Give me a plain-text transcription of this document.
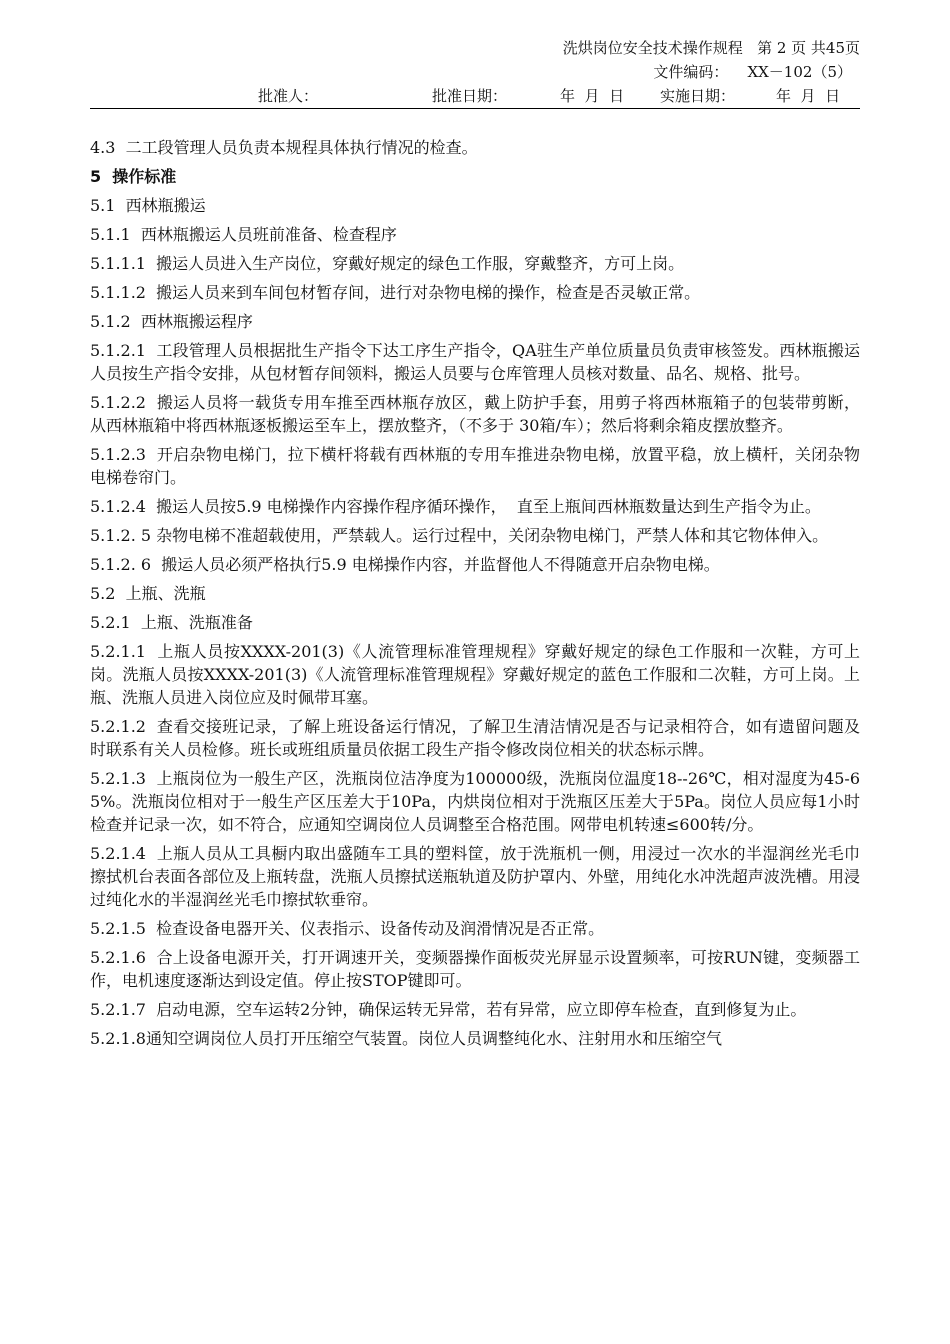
洗烘岗位安全技术操作规程 第 2 页 共45页
文件编码： XX－102（5）
批准人：	批准日期：	年  月  日 实施日期：	年  月  日

4.3  二工段管理人员负责本规程具体执行情况的检查。

5  操作标准

5.1  西林瓶搬运

5.1.1  西林瓶搬运人员班前准备、检查程序

5.1.1.1  搬运人员进入生产岗位，穿戴好规定的绿色工作服，穿戴整齐，方可上岗。

5.1.1.2  搬运人员来到车间包材暂存间，进行对杂物电梯的操作，检查是否灵敏正常。

5.1.2  西林瓶搬运程序

5.1.2.1  工段管理人员根据批生产指令下达工序生产指令，QA驻生产单位质量员负责审核签发。西林瓶搬运人员按生产指令安排，从包材暂存间领料，搬运人员要与仓库管理人员核对数量、品名、规格、批号。

5.1.2.2  搬运人员将一载货专用车推至西林瓶存放区，戴上防护手套，用剪子将西林瓶箱子的包装带剪断，从西林瓶箱中将西林瓶逐板搬运至车上，摆放整齐，（不多于 30箱/车）；然后将剩余箱皮摆放整齐。

5.1.2.3  开启杂物电梯门，拉下横杆将载有西林瓶的专用车推进杂物电梯，放置平稳，放上横杆，关闭杂物电梯卷帘门。

5.1.2.4  搬运人员按5.9 电梯操作内容操作程序循环操作，  直至上瓶间西林瓶数量达到生产指令为止。

5.1.2. 5 杂物电梯不准超载使用，严禁载人。运行过程中，关闭杂物电梯门，严禁人体和其它物体伸入。

5.1.2. 6  搬运人员必须严格执行5.9 电梯操作内容，并监督他人不得随意开启杂物电梯。

5.2  上瓶、洗瓶

5.2.1  上瓶、洗瓶准备

5.2.1.1  上瓶人员按XXXX-201(3)《人流管理标准管理规程》穿戴好规定的绿色工作服和一次鞋，方可上岗。洗瓶人员按XXXX-201(3)《人流管理标准管理规程》穿戴好规定的蓝色工作服和二次鞋，方可上岗。上瓶、洗瓶人员进入岗位应及时佩带耳塞。

5.2.1.2  查看交接班记录，了解上班设备运行情况，了解卫生清洁情况是否与记录相符合，如有遗留问题及时联系有关人员检修。班长或班组质量员依据工段生产指令修改岗位相关的状态标示牌。

5.2.1.3  上瓶岗位为一般生产区，洗瓶岗位洁净度为100000级，洗瓶岗位温度18--26℃，相对湿度为45-65%。洗瓶岗位相对于一般生产区压差大于10Pa，内烘岗位相对于洗瓶区压差大于5Pa。岗位人员应每1小时检查并记录一次，如不符合，应通知空调岗位人员调整至合格范围。网带电机转速≤600转/分。

5.2.1.4  上瓶人员从工具橱内取出盛随车工具的塑料筐，放于洗瓶机一侧，用浸过一次水的半湿润丝光毛巾擦拭机台表面各部位及上瓶转盘，洗瓶人员擦拭送瓶轨道及防护罩内、外壁，用纯化水冲洗超声波洗槽。用浸过纯化水的半湿润丝光毛巾擦拭软垂帘。

5.2.1.5  检查设备电器开关、仪表指示、设备传动及润滑情况是否正常。

5.2.1.6  合上设备电源开关，打开调速开关，变频器操作面板荧光屏显示设置频率，可按RUN键，变频器工作，电机速度逐渐达到设定值。停止按STOP键即可。

5.2.1.7  启动电源，空车运转2分钟，确保运转无异常，若有异常，应立即停车检查，直到修复为止。

5.2.1.8通知空调岗位人员打开压缩空气装置。岗位人员调整纯化水、注射用水和压缩空气
